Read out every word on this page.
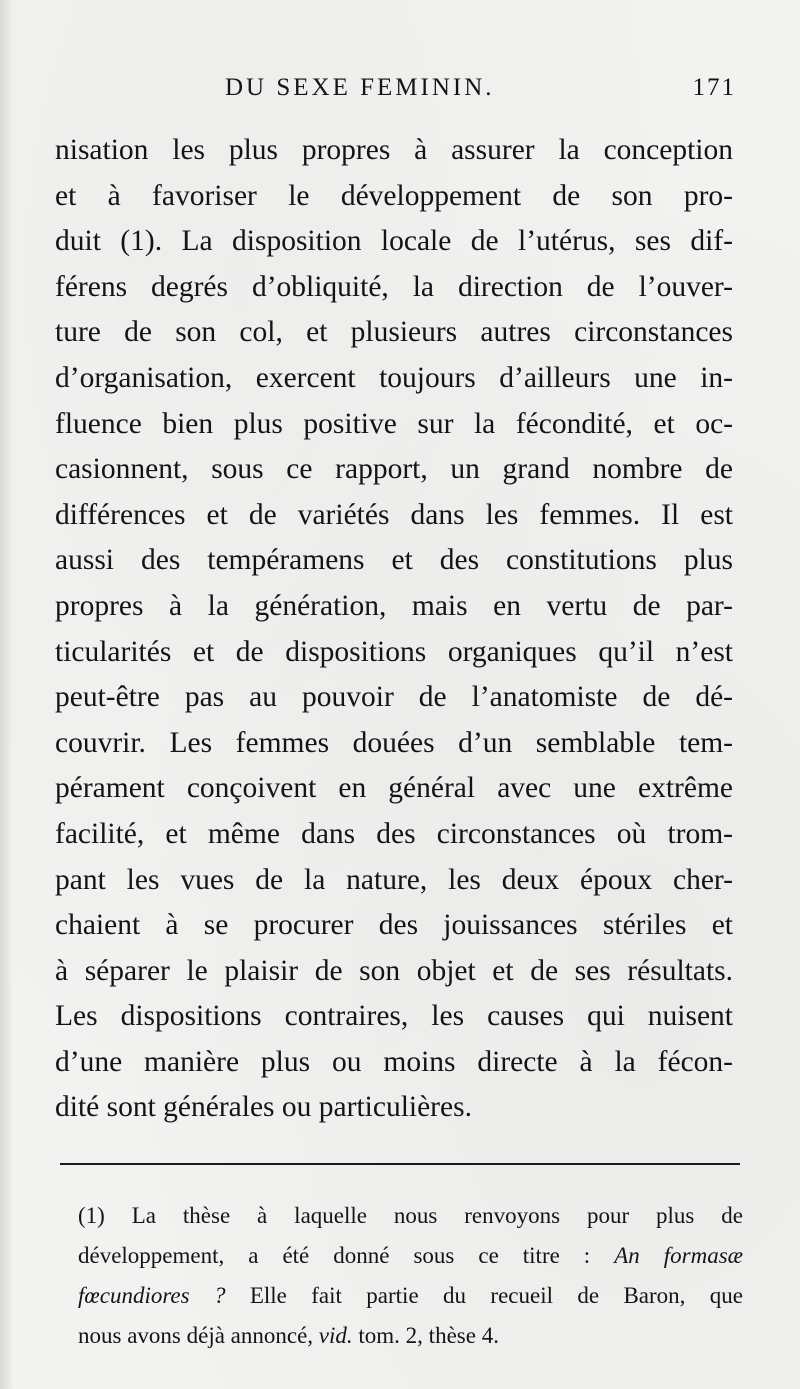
DU SEXE FEMININ.	171
nisation les plus propres à assurer la conception
et à favoriser le développement de son pro-
duit (1). La disposition locale de l’utérus, ses dif-
férens degrés d’obliquité, la direction de l’ouver-
ture de son col, et plusieurs autres circonstances
d’organisation, exercent toujours d’ailleurs une in-
fluence bien plus positive sur la fécondité, et oc-
casionnent, sous ce rapport, un grand nombre de
différences et de variétés dans les femmes. Il est
aussi des tempéramens et des constitutions plus
propres à la génération, mais en vertu de par-
ticularités et de dispositions organiques qu’il n’est
peut-être pas au pouvoir de l’anatomiste de dé-
couvrir. Les femmes douées d’un semblable tem-
pérament conçoivent en général avec une extrême
facilité, et même dans des circonstances où trom-
pant les vues de la nature, les deux époux cher-
chaient à se procurer des jouissances stériles et
à séparer le plaisir de son objet et de ses résultats.
Les dispositions contraires, les causes qui nuisent
d’une manière plus ou moins directe à la fécon-
dité sont générales ou particulières.
(1) La thèse à laquelle nous renvoyons pour plus de
développement, a été donné sous ce titre : An formasæ
fœcundiores ? Elle fait partie du recueil de Baron, que
nous avons déjà annoncé, vid. tom. 2, thèse 4.
